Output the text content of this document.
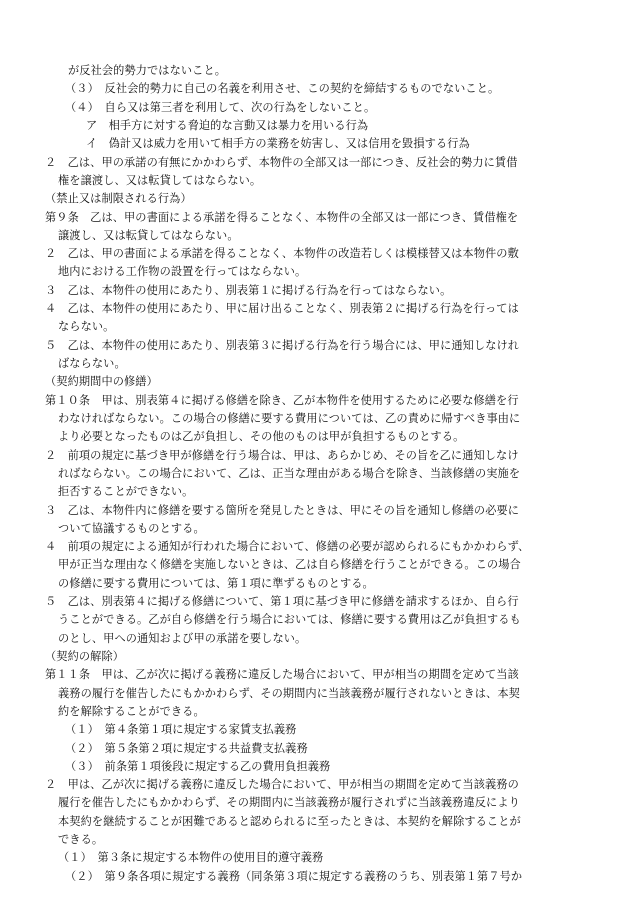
が反社会的勢力ではないこと。
（３）　反社会的勢力に自己の名義を利用させ、この契約を締結するものでないこと。
（４）　自ら又は第三者を利用して、次の行為をしないこと。
ア　相手方に対する脅迫的な言動又は暴力を用いる行為
イ　偽計又は威力を用いて相手方の業務を妨害し、又は信用を毀損する行為
２　乙は、甲の承諾の有無にかかわらず、本物件の全部又は一部につき、反社会的勢力に賃借
権を譲渡し、又は転貸してはならない。
（禁止又は制限される行為）
第９条　乙は、甲の書面による承諾を得ることなく、本物件の全部又は一部につき、賃借権を
譲渡し、又は転貸してはならない。
２　乙は、甲の書面による承諾を得ることなく、本物件の改造若しくは模様替又は本物件の敷
地内における工作物の設置を行ってはならない。
３　乙は、本物件の使用にあたり、別表第１に掲げる行為を行ってはならない。
４　乙は、本物件の使用にあたり、甲に届け出ることなく、別表第２に掲げる行為を行っては
ならない。
５　乙は、本物件の使用にあたり、別表第３に掲げる行為を行う場合には、甲に通知しなけれ
ばならない。
（契約期間中の修繕）
第１０条　甲は、別表第４に掲げる修繕を除き、乙が本物件を使用するために必要な修繕を行
わなければならない。この場合の修繕に要する費用については、乙の責めに帰すべき事由に
より必要となったものは乙が負担し、その他のものは甲が負担するものとする。
２　前項の規定に基づき甲が修繕を行う場合は、甲は、あらかじめ、その旨を乙に通知しなけ
ればならない。この場合において、乙は、正当な理由がある場合を除き、当該修繕の実施を
拒否することができない。
３　乙は、本物件内に修繕を要する箇所を発見したときは、甲にその旨を通知し修繕の必要に
ついて協議するものとする。
４　前項の規定による通知が行われた場合において、修繕の必要が認められるにもかかわらず、
甲が正当な理由なく修繕を実施しないときは、乙は自ら修繕を行うことができる。この場合
の修繕に要する費用については、第１項に準ずるものとする。
５　乙は、別表第４に掲げる修繕について、第１項に基づき甲に修繕を請求するほか、自ら行
うことができる。乙が自ら修繕を行う場合においては、修繕に要する費用は乙が負担するも
のとし、甲への通知および甲の承諾を要しない。
（契約の解除）
第１１条　甲は、乙が次に掲げる義務に違反した場合において、甲が相当の期間を定めて当該
義務の履行を催告したにもかかわらず、その期間内に当該義務が履行されないときは、本契
約を解除することができる。
（１）　第４条第１項に規定する家賃支払義務
（２）　第５条第２項に規定する共益費支払義務
（３）　前条第１項後段に規定する乙の費用負担義務
２　甲は、乙が次に掲げる義務に違反した場合において、甲が相当の期間を定めて当該義務の
履行を催告したにもかかわらず、その期間内に当該義務が履行されずに当該義務違反により
本契約を継続することが困難であると認められるに至ったときは、本契約を解除することが
できる。
（１）　第３条に規定する本物件の使用目的遵守義務
（２）　第９条各項に規定する義務（同条第３項に規定する義務のうち、別表第１第７号か
